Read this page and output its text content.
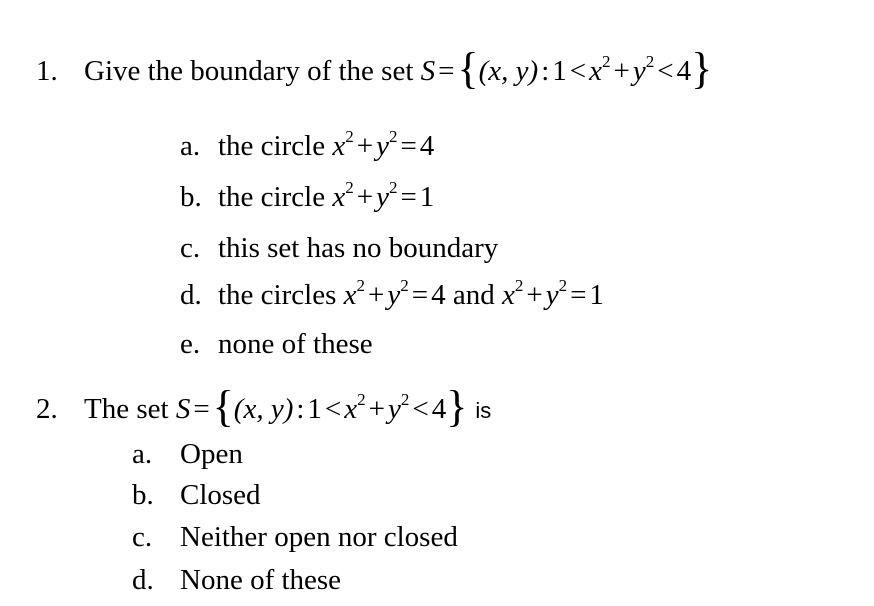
1. Give the boundary of the set S ={(x, y) : $1 < x^2 + y^2 < 4$}
a. the circle $x^2 + y^2 = 4$
b. the circle $x^2 + y^2 = 1$
c. this set has no boundary
d. the circles $x^2 + y^2 = 4$ and $x^2 + y^2 = 1$
e. none of these
2. The set S ={(x, y) : $1 < x^2 + y^2 < 4$} is
a. Open
b. Closed
c. Neither open nor closed
d. None of these
